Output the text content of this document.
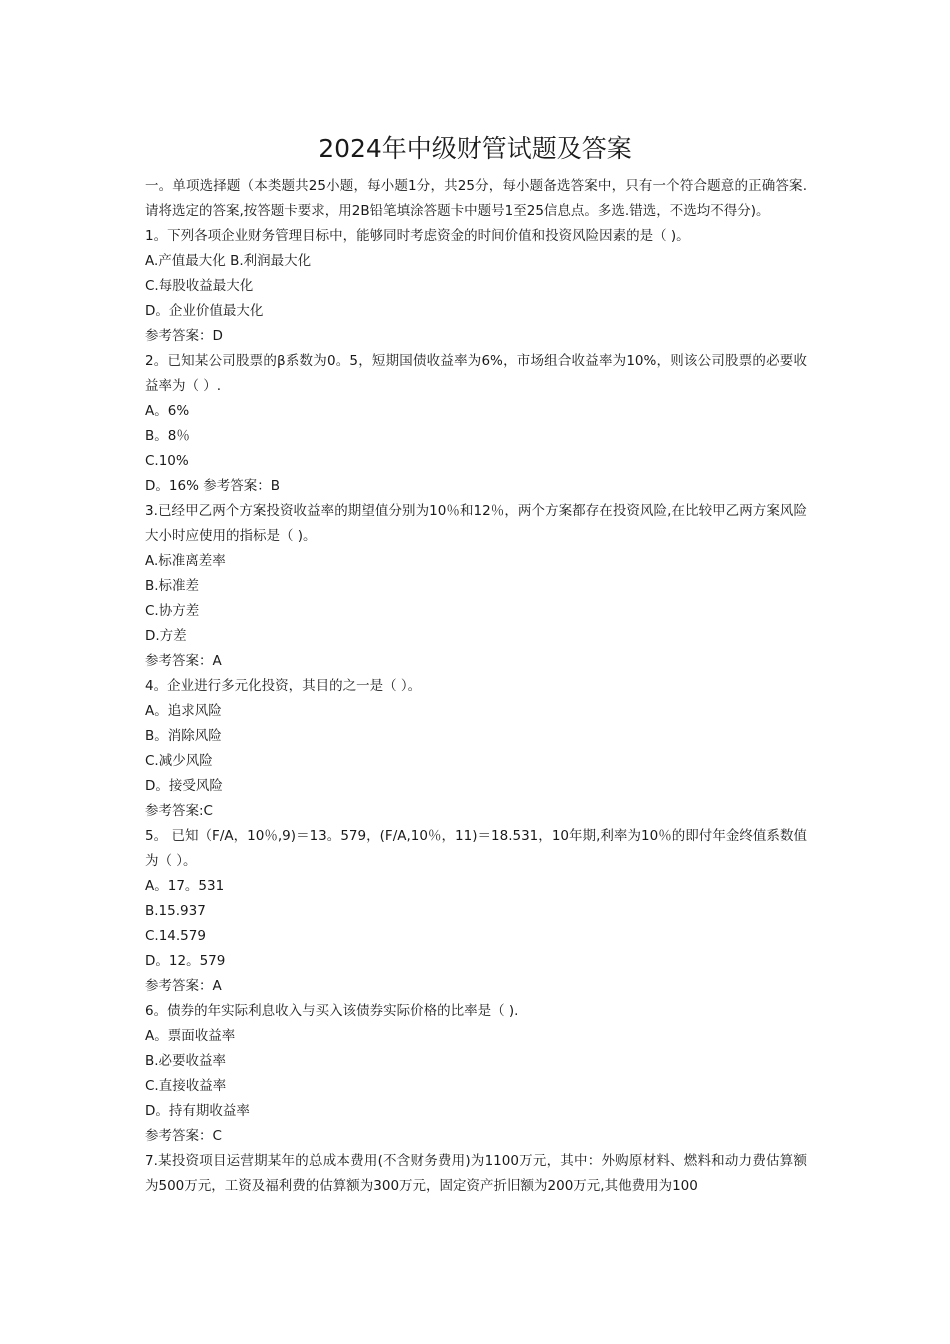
2024年中级财管试题及答案
一。单项选择题（本类题共25小题，每小题1分，共25分，每小题备选答案中，只有一个符合题意的正确答案.请将选定的答案,按答题卡要求，用2B铅笔填涂答题卡中题号1至25信息点。多选.错选，不选均不得分)。
1。下列各项企业财务管理目标中，能够同时考虑资金的时间价值和投资风险因素的是（ )。
A.产值最大化 B.利润最大化
C.每股收益最大化
D。企业价值最大化
参考答案：D
2。已知某公司股票的β系数为0。5，短期国债收益率为6%，市场组合收益率为10%，则该公司股票的必要收益率为（ ）.
A。6%
B。8％
C.10%
D。16% 参考答案：B
3.已经甲乙两个方案投资收益率的期望值分别为10％和12％，两个方案都存在投资风险,在比较甲乙两方案风险大小时应使用的指标是（ )。
A.标准离差率
B.标准差
C.协方差
D.方差
参考答案：A
4。企业进行多元化投资，其目的之一是（ ）。
A。追求风险
B。消除风险
C.减少风险
D。接受风险
参考答案:C
5。 已知（F/A，10％,9)＝13。579，(F/A,10％，11)＝18.531，10年期,利率为10％的即付年金终值系数值为（ ）。
A。17。531
B.15.937
C.14.579
D。12。579
参考答案：A
6。债券的年实际利息收入与买入该债券实际价格的比率是（ ).
A。票面收益率
B.必要收益率
C.直接收益率
D。持有期收益率
参考答案：C
7.某投资项目运营期某年的总成本费用(不含财务费用)为1100万元，其中：外购原材料、燃料和动力费估算额为500万元，工资及福利费的估算额为300万元，固定资产折旧额为200万元,其他费用为100
